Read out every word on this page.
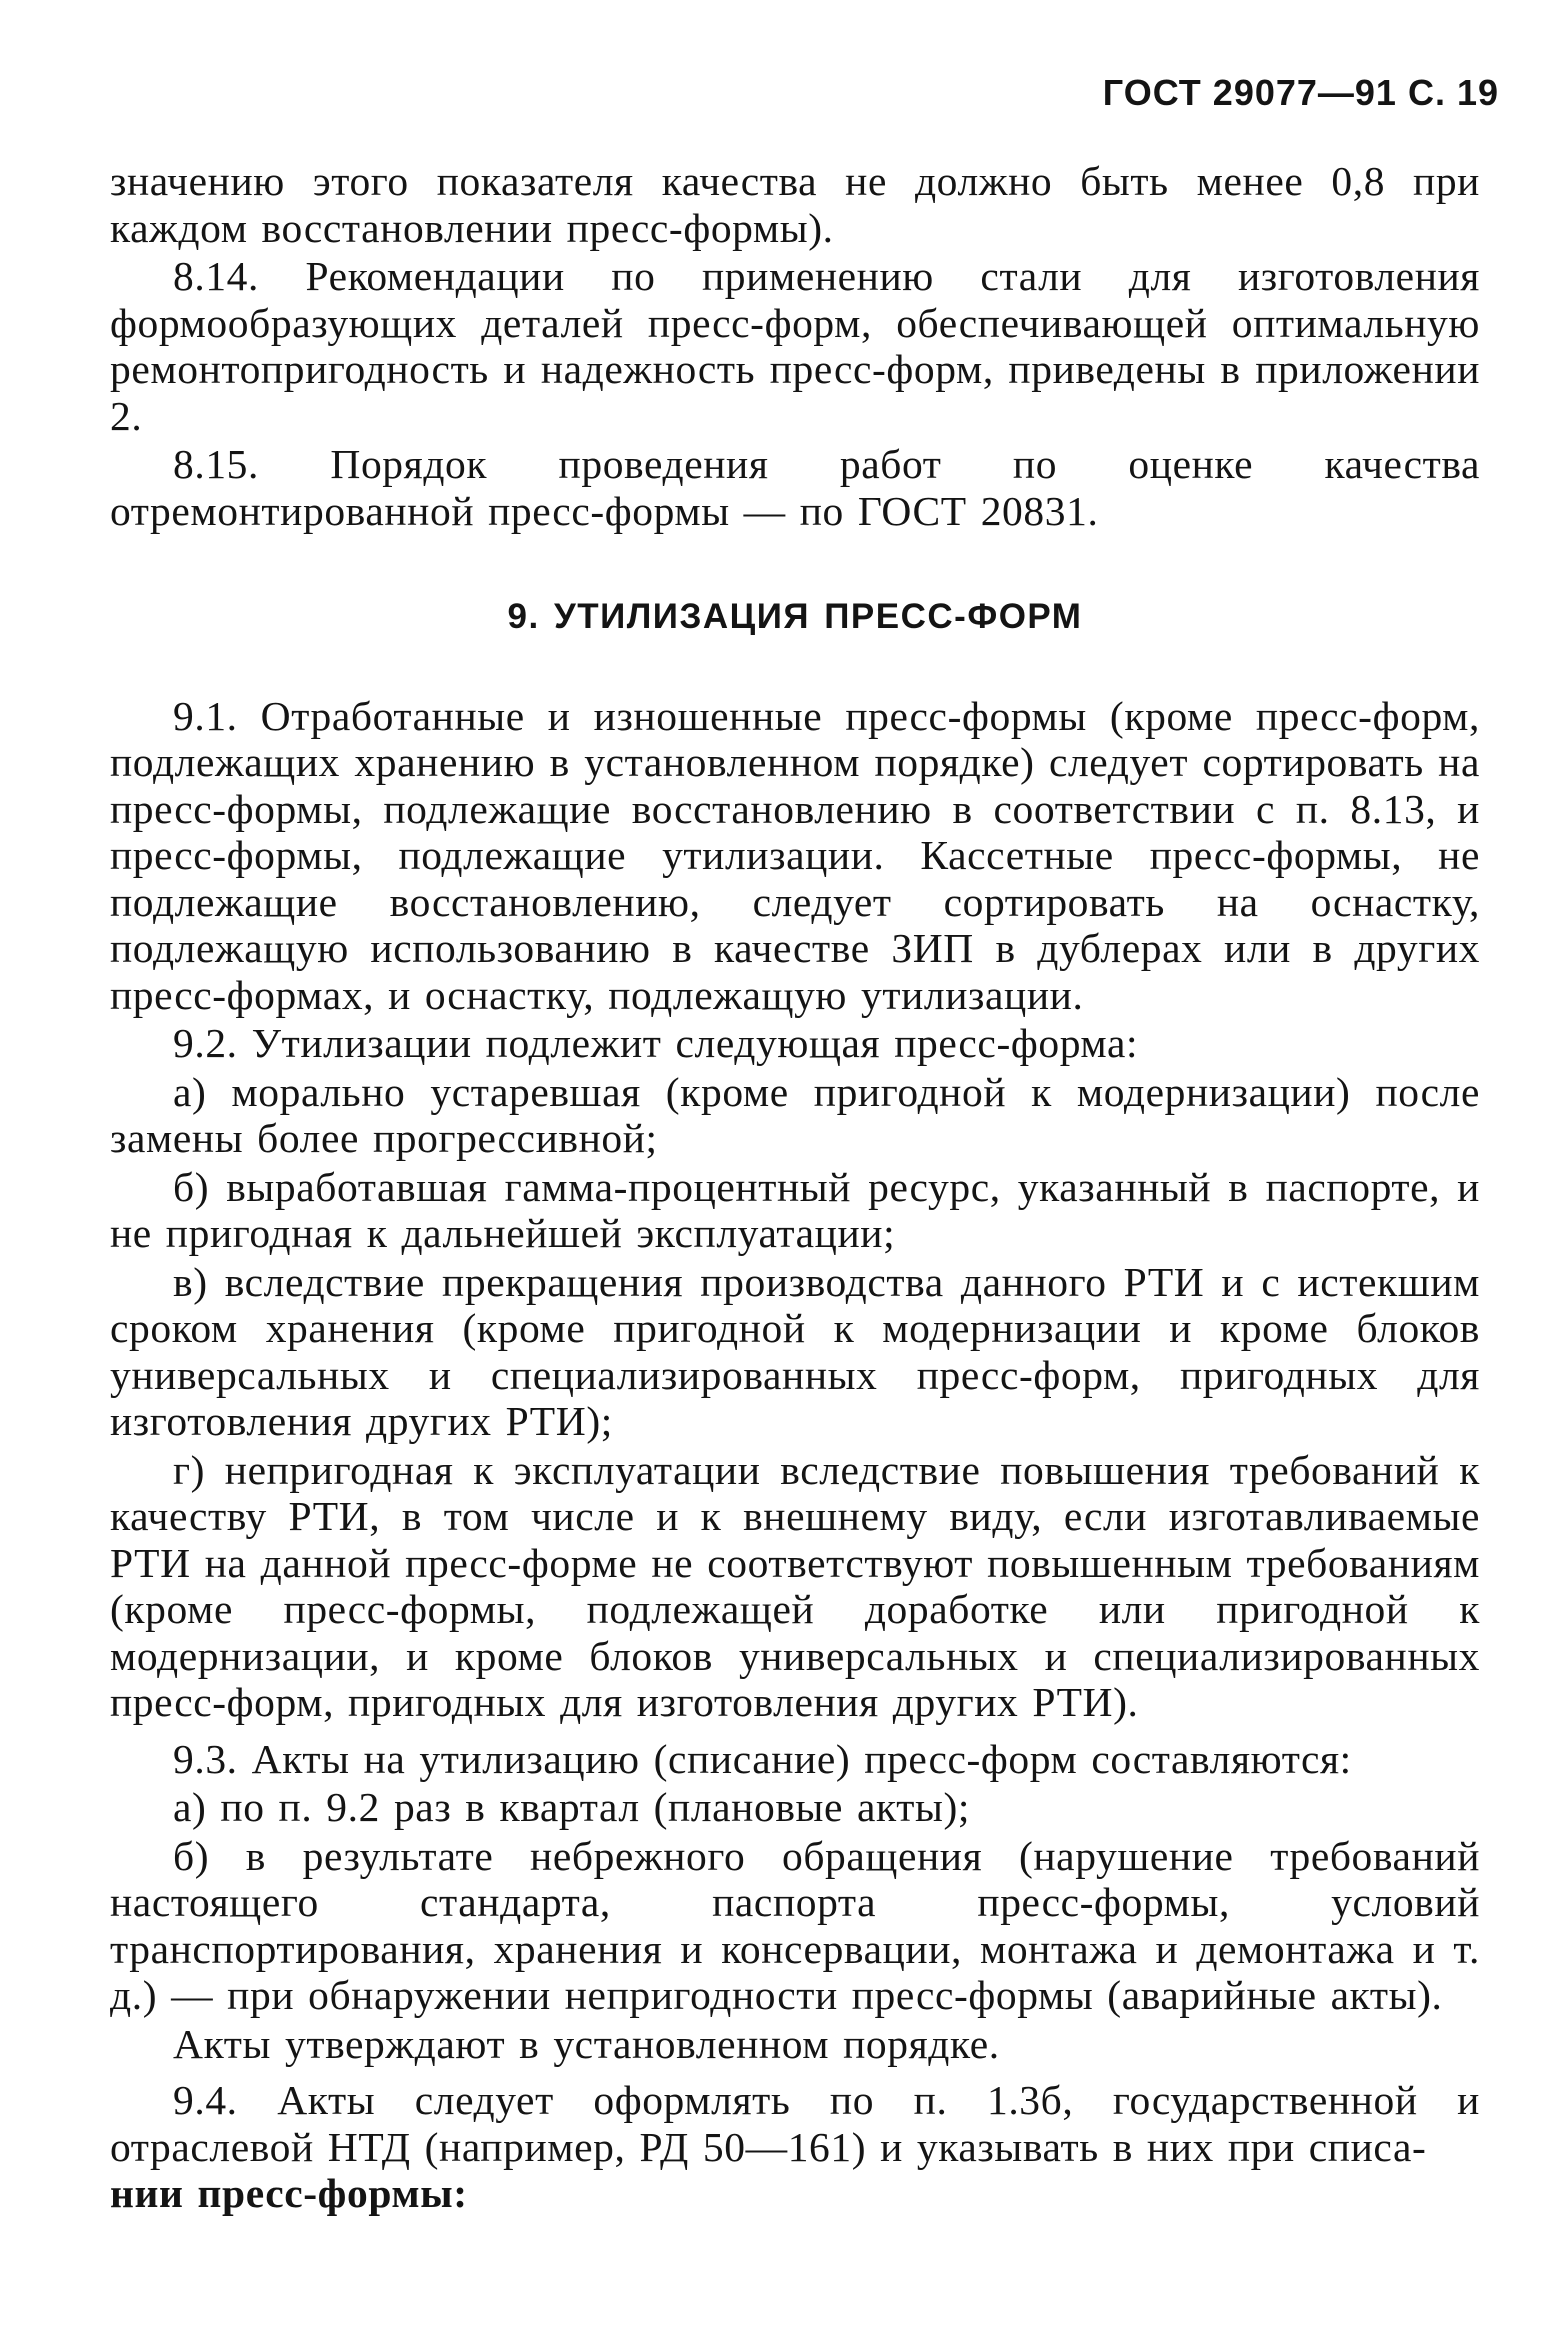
ГОСТ 29077—91 С. 19

значению этого показателя качества не должно быть менее 0,8 при каждом восстановлении пресс-формы).

8.14. Рекомендации по применению стали для изготовления формообразующих деталей пресс-форм, обеспечивающей оптимальную ремонтопригодность и надежность пресс-форм, приведены в приложении 2.

8.15. Порядок проведения работ по оценке качества отремонтированной пресс-формы — по ГОСТ 20831.

9. УТИЛИЗАЦИЯ ПРЕСС-ФОРМ

9.1. Отработанные и изношенные пресс-формы (кроме пресс-форм, подлежащих хранению в установленном порядке) следует сортировать на пресс-формы, подлежащие восстановлению в соответствии с п. 8.13, и пресс-формы, подлежащие утилизации. Кассетные пресс-формы, не подлежащие восстановлению, следует сортировать на оснастку, подлежащую использованию в качестве ЗИП в дублерах или в других пресс-формах, и оснастку, подлежащую утилизации.

9.2. Утилизации подлежит следующая пресс-форма:

а) морально устаревшая (кроме пригодной к модернизации) после замены более прогрессивной;

б) выработавшая гамма-процентный ресурс, указанный в паспорте, и не пригодная к дальнейшей эксплуатации;

в) вследствие прекращения производства данного РТИ и с истекшим сроком хранения (кроме пригодной к модернизации и кроме блоков универсальных и специализированных пресс-форм, пригодных для изготовления других РТИ);

г) непригодная к эксплуатации вследствие повышения требований к качеству РТИ, в том числе и к внешнему виду, если изготавливаемые РТИ на данной пресс-форме не соответствуют повышенным требованиям (кроме пресс-формы, подлежащей доработке или пригодной к модернизации, и кроме блоков универсальных и специализированных пресс-форм, пригодных для изготовления других РТИ).

9.3. Акты на утилизацию (списание) пресс-форм составляются:

а) по п. 9.2 раз в квартал (плановые акты);

б) в результате небрежного обращения (нарушение требований настоящего стандарта, паспорта пресс-формы, условий транспортирования, хранения и консервации, монтажа и демонтажа и т. д.) — при обнаружении непригодности пресс-формы (аварийные акты).

Акты утверждают в установленном порядке.

9.4. Акты следует оформлять по п. 1.3б, государственной и отраслевой НТД (например, РД 50—161) и указывать в них при списа-

нии пресс-формы:
